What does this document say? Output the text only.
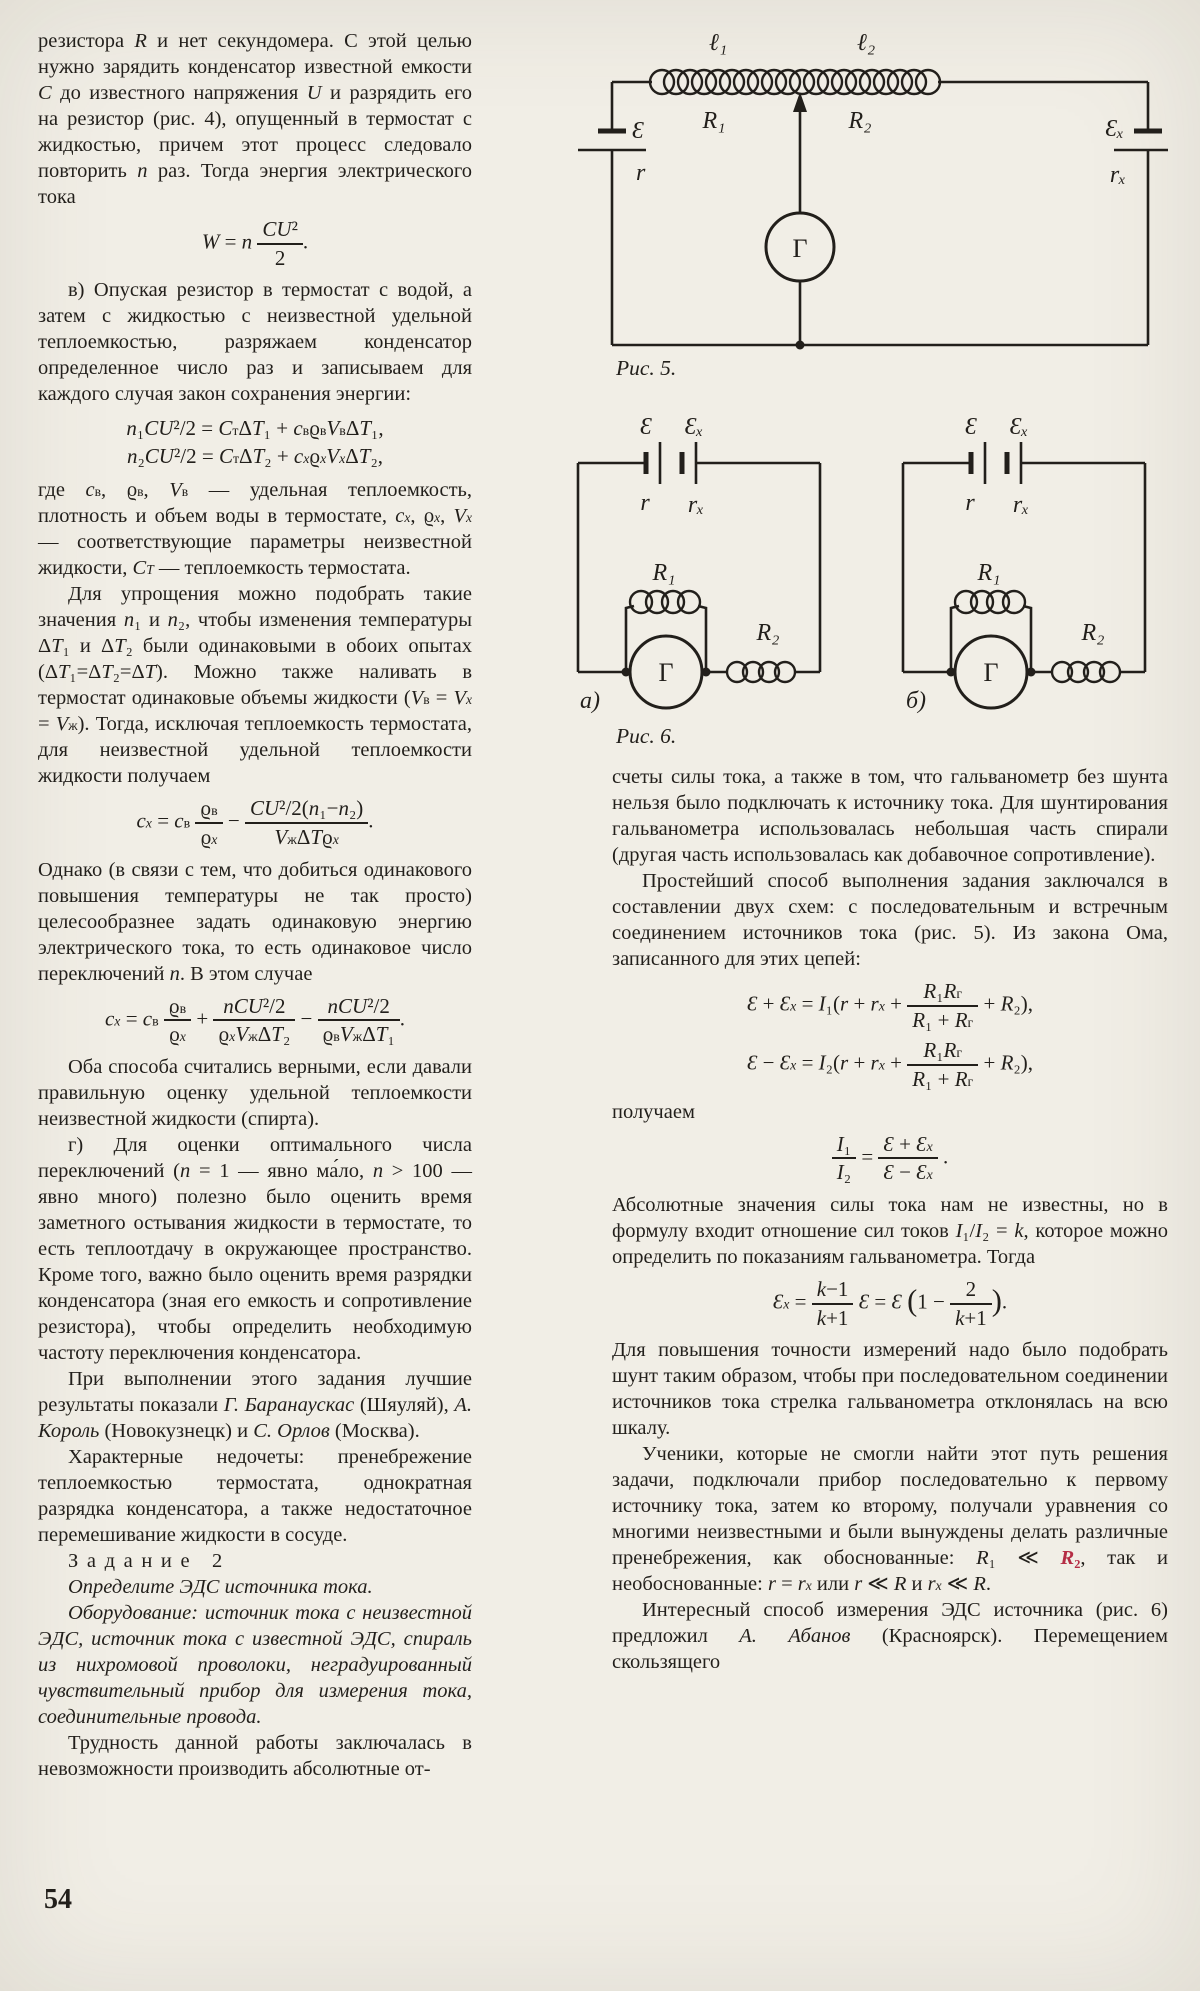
резистора R и нет секундомера. С этой целью нужно зарядить конденсатор известной емкости C до известного напряжения U и разрядить его на резистор (рис. 4), опущенный в термостат с жидкостью, причем этот процесс следовало повторить n раз. Тогда энергия электрического тока

W = n $\frac{\text{CU²}}{2}$ .

в) Опуская резистор в термостат с водой, а затем с жидкостью с неизвестной удельной теплоемкостью, разряжаем конденсатор определенное число раз и записываем для каждого случая закон сохранения энергии:

$n_1CU^2/2 = C_т\Delta T_1 + c_вϱ_вV_в\Delta T_1$,
$n_2CU^2/2 = C_т\Delta T_2 + c_xϱ_xV_x\Delta T_2$,

где $c_в$, $ϱ_в$, $V_в$ — удельная теплоемкость, плотность и объем воды в термостате, $c_x$, $ϱ_x$, $V_x$ — соответствующие параметры неизвестной жидкости, $C_T$ — теплоемкость термостата.

Для упрощения можно подобрать такие значения n₁ и n₂, чтобы изменения температуры ΔT₁ и ΔT₂ были одинаковыми в обоих опытах (ΔT₁=ΔT₂=ΔT). Можно также наливать в термостат одинаковые объемы жидкости $(V_в = V_x = V_ж)$. Тогда, исключая теплоемкость термостата, для неизвестной удельной теплоемкости жидкости получаем

$c_x = c_в \frac{ϱ_в}{ϱ_x} - \frac{\text{CU²/2(n₁−n₂)}}{V_ж\Delta Tϱ_x}$ .

Однако (в связи с тем, что добиться одинакового повышения температуры не так просто) целесообразнее задать одинаковую энергию электрического тока, то есть одинаковое число переключений n. В этом случае

$c_x = c_в \frac{ϱ_в}{ϱ_x} + \frac{\text{nCU²/2}}{ϱ_xV_ж\Delta T_2} - \frac{\text{nCU²/2}}{ϱ_вV_ж\Delta T_1}$ .

Оба способа считались верными, если давали правильную оценку удельной теплоемкости неизвестной жидкости (спирта).

г) Для оценки оптимального числа переключений (n = 1 — явно ма́ло, n > 100 — явно много) полезно было оценить время заметного остывания жидкости в термостате, то есть теплоотдачу в окружающее пространство. Кроме того, важно было оценить время разрядки конденсатора (зная его емкость и сопротивление резистора), чтобы определить необходимую частоту переключения конденсатора.

При выполнении этого задания лучшие результаты показали Г. Баранаускас (Шяуляй), А. Король (Новокузнецк) и С. Орлов (Москва).

Характерные недочеты: пренебрежение теплоемкостью термостата, однократная разрядка конденсатора, а также недостаточное перемешивание жидкости в сосуде.

Задание 2

Определите ЭДС источника тока.

Оборудование: источник тока с неизвестной ЭДС, источник тока с известной ЭДС, спираль из нихромовой проволоки, неградуированный чувствительный прибор для измерения тока, соединительные провода.

Трудность данной работы заключалась в невозможности производить абсолютные от-

счеты силы тока, а также в том, что гальванометр без шунта нельзя было подключать к источнику тока. Для шунтирования гальванометра использовалась небольшая часть спирали (другая часть использовалась как добавочное сопротивление).

Простейший способ выполнения задания заключался в составлении двух схем: с последовательным и встречным соединением источников тока (рис. 5). Из закона Ома, записанного для этих цепей:

Ɛ + $Ɛ_x = I_1(r + r_x + \frac{R_1R_г}{R_1 + R_г} + R_2)$,
Ɛ − $Ɛ_x = I_2(r + r_x + \frac{R_1R_г}{R_1 + R_г} + R_2)$,

получаем

$\frac{\text{I₁}}{\text{I₂}} = \frac{Ɛ + Ɛ_x}{Ɛ - Ɛ_x}$ .

Абсолютные значения силы тока нам не известны, но в формулу входит отношение сил токов I₁/I₂ = k, которое можно определить по показаниям гальванометра. Тогда

$Ɛ_x = \frac{k-1}{k+1}$ Ɛ = Ɛ ($1 - \frac{2}{k+1}$ ).

Для повышения точности измерений надо было подобрать шунт таким образом, чтобы при последовательном соединении источников тока стрелка гальванометра отклонялась на всю шкалу.

Ученики, которые не смогли найти этот путь решения задачи, подключали прибор последовательно к первому источнику тока, затем ко второму, получали уравнения со многими неизвестными и были вынуждены делать различные пренебрежения, как обоснованные: R₁ ≪ R₂, так и необоснованные: $r = r_x$ или r ≪ R и $r_x$ ≪ R.

Интересный способ измерения ЭДС источника (рис. 6) предложил А. Абанов (Красноярск). Перемещением скользящего

ℓ₁	ℓ₂
R₁	R₂
Ɛ
r
Ɛₓ
rₓ
Г
Ɛ Ɛₓ
r rₓ
R₁
Г
R₂
а)
Ɛ Ɛₓ
r rₓ
R₁
Г
R₂
б)
Рис. 5.
Рис. 6.
54
